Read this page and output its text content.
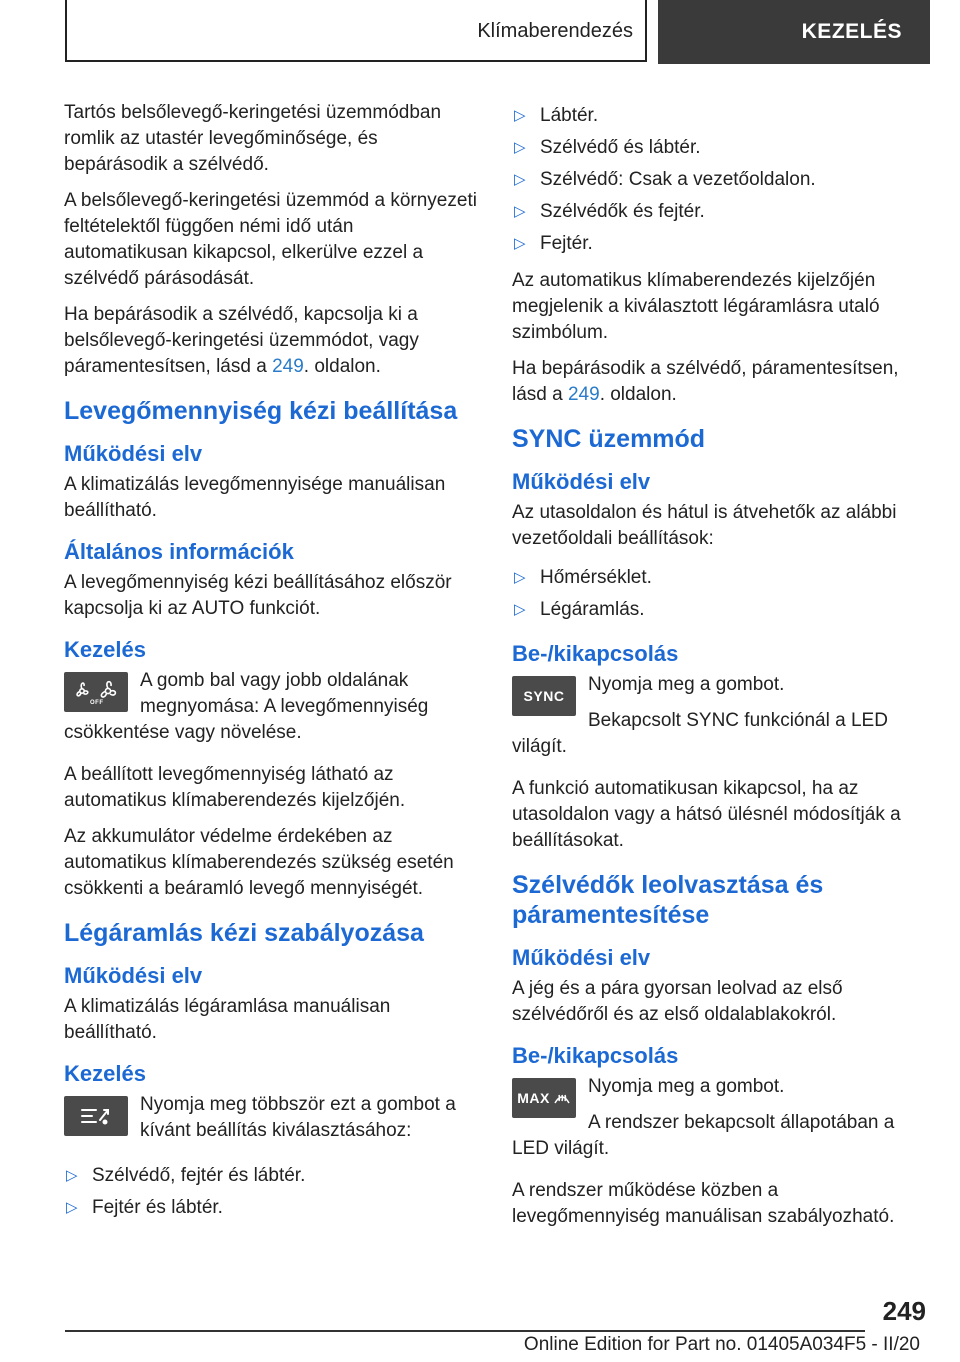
Klímaberendezés	KEZELÉS

Tartós belsőlevegő-keringetési üzemmódban romlik az utastér levegőminősége, és bepárásodik a szélvédő.

A belsőlevegő-keringetési üzemmód a környezeti feltételektől függően némi idő után automatikusan kikapcsol, elkerülve ezzel a szélvédő párásodását.

Ha bepárásodik a szélvédő, kapcsolja ki a belsőlevegő-keringetési üzemmódot, vagy páramentesítsen, lásd a 249. oldalon.

Levegőmennyiség kézi beállítása
Működési elv

A klimatizálás levegőmennyisége manuálisan beállítható.

Általános információk

A levegőmennyiség kézi beállításához először kapcsolja ki az AUTO funkciót.

Kezelés
OFF

A gomb bal vagy jobb oldalának megnyomása: A levegőmennyiség csökkentése vagy növelése.

A beállított levegőmennyiség látható az automatikus klímaberendezés kijelzőjén.

Az akkumulátor védelme érdekében az automatikus klímaberendezés szükség esetén csökkenti a beáramló levegő mennyiségét.

Légáramlás kézi szabályozása
Működési elv

A klimatizálás légáramlása manuálisan beállítható.

Kezelés

Nyomja meg többször ezt a gombot a kívánt beállítás kiválasztásához:

▷ Szélvédő, fejtér és lábtér.
▷ Fejtér és lábtér.
▷ Lábtér.
▷ Szélvédő és lábtér.
▷ Szélvédő: Csak a vezetőoldalon.
▷ Szélvédők és fejtér.
▷ Fejtér.

Az automatikus klímaberendezés kijelzőjén megjelenik a kiválasztott légáramlásra utaló szimbólum.

Ha bepárásodik a szélvédő, páramentesítsen, lásd a 249. oldalon.

SYNC üzemmód
Működési elv

Az utasoldalon és hátul is átvehetők az alábbi vezetőoldali beállítások:

▷ Hőmérséklet.
▷ Légáramlás.
Be-/kikapcsolás
SYNC

Nyomja meg a gombot.

Bekapcsolt SYNC funkciónál a LED világít.

A funkció automatikusan kikapcsol, ha az utasoldalon vagy a hátsó ülésnél módosítják a beállításokat.

Szélvédők leolvasztása és páramentesítése
Működési elv

A jég és a pára gyorsan leolvad az első szélvédőről és az első oldalablakokról.

Be-/kikapcsolás
MAX

Nyomja meg a gombot.

A rendszer bekapcsolt állapotában a LED világít.

A rendszer működése közben a levegőmennyiség manuálisan szabályozható.

249
Online Edition for Part no. 01405A034F5 - II/20
